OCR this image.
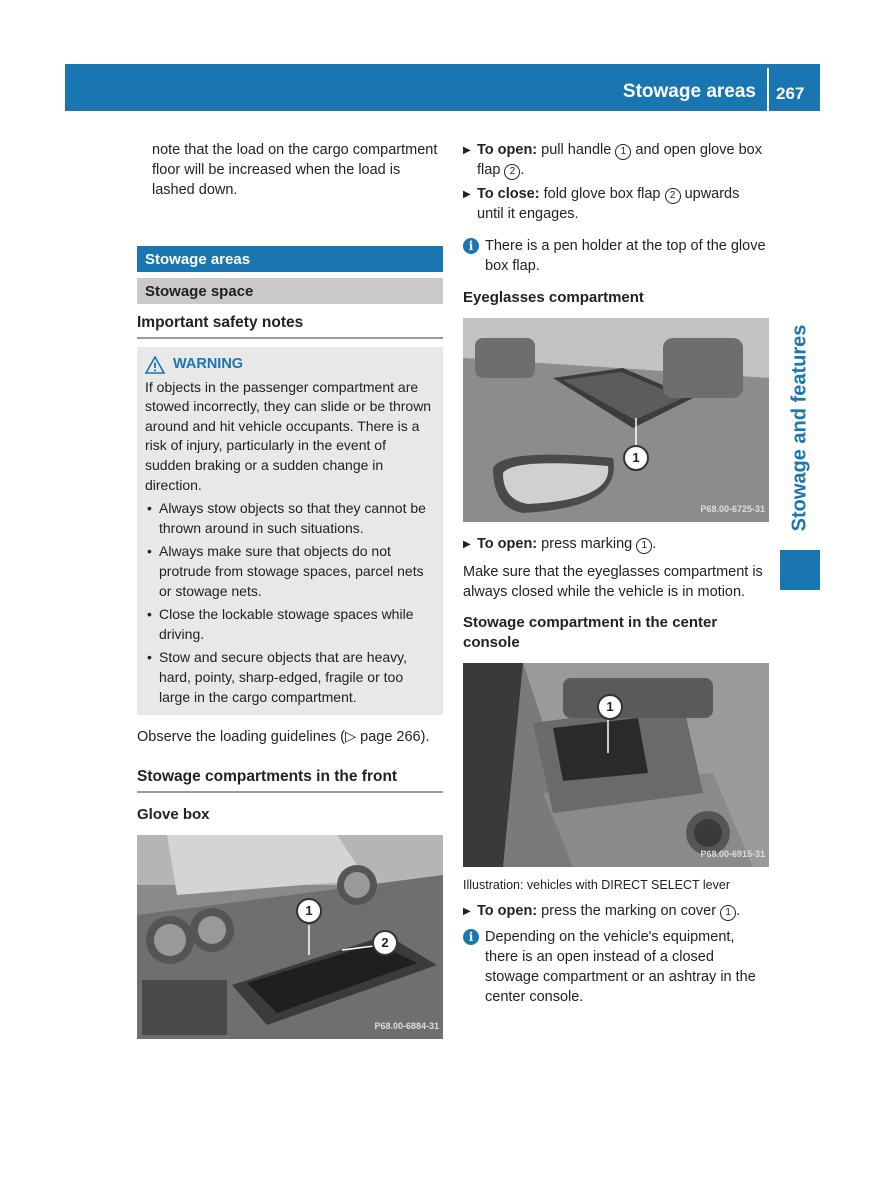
Stowage areas 267
Stowage and features

note that the load on the cargo compartment floor will be increased when the load is lashed down.

Stowage areas
Stowage space
Important safety notes
WARNING

If objects in the passenger compartment are stowed incorrectly, they can slide or be thrown around and hit vehicle occupants. There is a risk of injury, particularly in the event of sudden braking or a sudden change in direction.

• Always stow objects so that they cannot be thrown around in such situations.
• Always make sure that objects do not protrude from stowage spaces, parcel nets or stowage nets.
• Close the lockable stowage spaces while driving.
• Stow and secure objects that are heavy, hard, pointy, sharp-edged, fragile or too large in the cargo compartment.

Observe the loading guidelines (▷ page 266).

Stowage compartments in the front
Glove box
1
2
P68.00-6884-31
▶ To open: pull handle 1 and open glove box flap 2 .
▶ To close: fold glove box flap 2 upwards until it engages.
i There is a pen holder at the top of the glove box flap.
Eyeglasses compartment
1
P68.00-6725-31
▶ To open: press marking 1 .

Make sure that the eyeglasses compartment is always closed while the vehicle is in motion.

Stowage compartment in the center console
1
P68.00-6915-31

Illustration: vehicles with DIRECT SELECT lever

▶ To open: press the marking on cover 1 .
i Depending on the vehicle's equipment, there is an open instead of a closed stowage compartment or an ashtray in the center console.
